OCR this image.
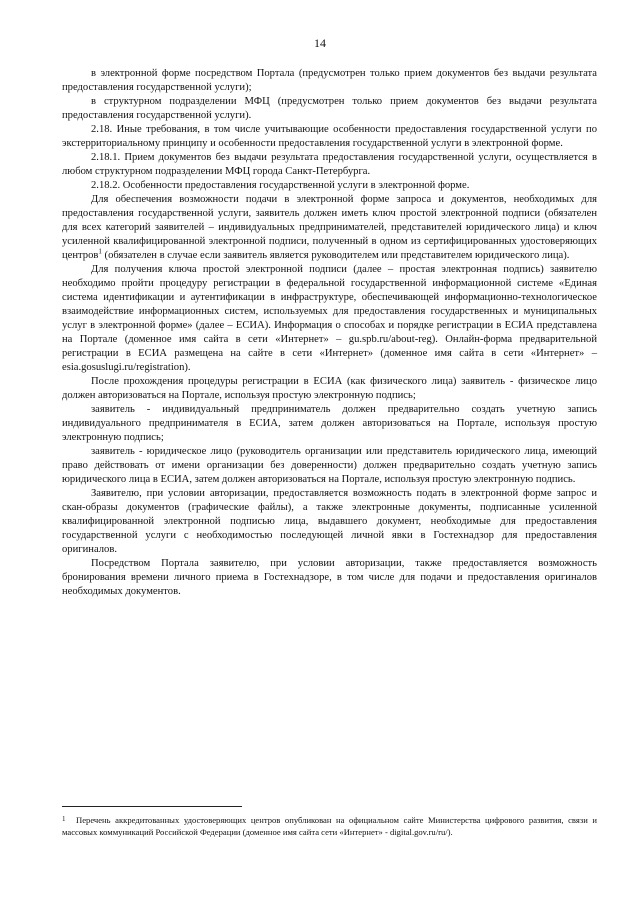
14

в электронной форме посредством Портала (предусмотрен только прием документов без выдачи результата предоставления государственной услуги);

в структурном подразделении МФЦ (предусмотрен только прием документов без выдачи результата предоставления государственной услуги).

2.18. Иные требования, в том числе учитывающие особенности предоставления государственной услуги по экстерриториальному принципу и особенности предоставления государственной услуги в электронной форме.

2.18.1. Прием документов без выдачи результата предоставления государственной услуги, осуществляется в любом структурном подразделении МФЦ города Санкт-Петербурга.

2.18.2. Особенности предоставления государственной услуги в электронной форме.

Для обеспечения возможности подачи в электронной форме запроса и документов, необходимых для предоставления государственной услуги, заявитель должен иметь ключ простой электронной подписи (обязателен для всех категорий заявителей – индивидуальных предпринимателей, представителей юридического лица) и ключ усиленной квалифицированной электронной подписи, полученный в одном из сертифицированных удостоверяющих центров$^1$ (обязателен в случае если заявитель является руководителем или представителем юридического лица).

Для получения ключа простой электронной подписи (далее – простая электронная подпись) заявителю необходимо пройти процедуру регистрации в федеральной государственной информационной системе «Единая система идентификации и аутентификации в инфраструктуре, обеспечивающей информационно-технологическое взаимодействие информационных систем, используемых для предоставления государственных и муниципальных услуг в электронной форме» (далее – ЕСИА). Информация о способах и порядке регистрации в ЕСИА представлена на Портале (доменное имя сайта в сети «Интернет» – gu.spb.ru/about-reg). Онлайн-форма предварительной регистрации в ЕСИА размещена на сайте в сети «Интернет» (доменное имя сайта в сети «Интернет» – esia.gosuslugi.ru/registration).

После прохождения процедуры регистрации в ЕСИА (как физического лица) заявитель - физическое лицо должен авторизоваться на Портале, используя простую электронную подпись;

заявитель - индивидуальный предприниматель должен предварительно создать учетную запись индивидуального предпринимателя в ЕСИА, затем должен авторизоваться на Портале, используя простую электронную подпись;

заявитель - юридическое лицо (руководитель организации или представитель юридического лица, имеющий право действовать от имени организации без доверенности) должен предварительно создать учетную запись юридического лица в ЕСИА, затем должен авторизоваться на Портале, используя простую электронную подпись.

Заявителю, при условии авторизации, предоставляется возможность подать в электронной форме запрос и скан-образы документов (графические файлы), а также электронные документы, подписанные усиленной квалифицированной электронной подписью лица, выдавшего документ, необходимые для предоставления государственной услуги с необходимостью последующей личной явки в Гостехнадзор для предоставления оригиналов.

Посредством Портала заявителю, при условии авторизации, также предоставляется возможность бронирования времени личного приема в Гостехнадзоре, в том числе для подачи и предоставления оригиналов необходимых документов.

1 Перечень аккредитованных удостоверяющих центров опубликован на официальном сайте Министерства цифрового развития, связи и массовых коммуникаций Российской Федерации (доменное имя сайта сети «Интернет» - digital.gov.ru/ru/).
